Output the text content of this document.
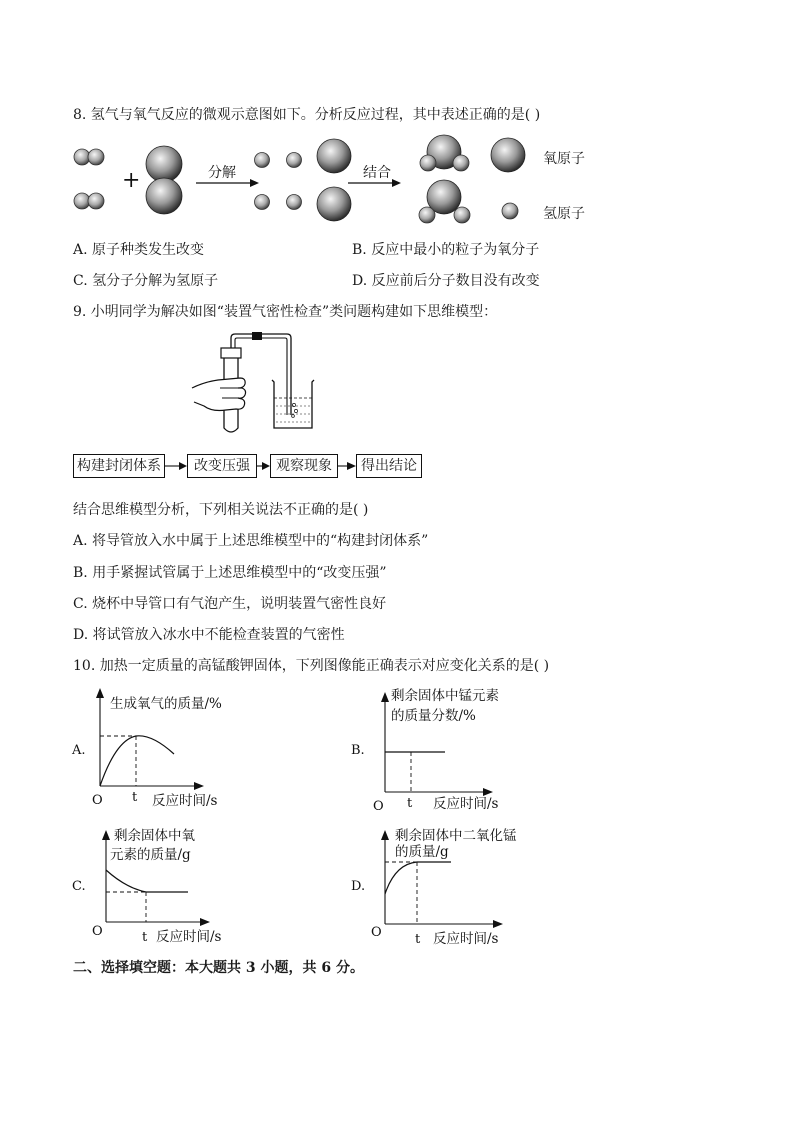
8. 氢气与氧气反应的微观示意图如下。分析反应过程，其中表述正确的是( )
+	分解	结合
氧原子
氢原子
A. 原子种类发生改变	B. 反应中最小的粒子为氧分子
C. 氢分子分解为氢原子	D. 反应前后分子数目没有改变
9. 小明同学为解决如图“装置气密性检查”类问题构建如下思维模型：
构建封闭体系	改变压强	观察现象	得出结论
结合思维模型分析，下列相关说法不正确的是( )
A. 将导管放入水中属于上述思维模型中的“构建封闭体系”
B. 用手紧握试管属于上述思维模型中的“改变压强”
C. 烧杯中导管口有气泡产生，说明装置气密性良好
D. 将试管放入冰水中不能检查装置的气密性
10. 加热一定质量的高锰酸钾固体，下列图像能正确表示对应变化关系的是( )
A.
生成氧气的质量/%
O t 反应时间/s
B.
剩余固体中锰元素
的质量分数/%
O t 反应时间/s
C.
剩余固体中氧
元素的质量/g
O	t 反应时间/s
D.
剩余固体中二氧化锰
的质量/g
O	t 反应时间/s
二、选择填空题：本大题共 3 小题，共 6 分。
